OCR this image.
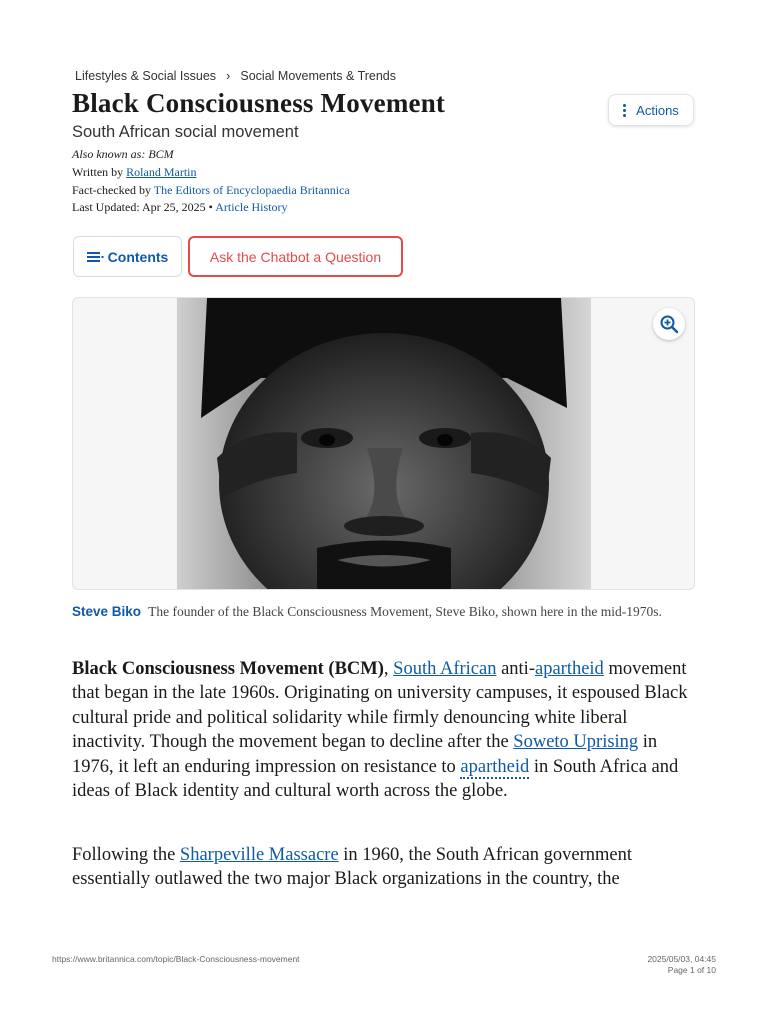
Lifestyles & Social Issues › Social Movements & Trends
Black Consciousness Movement
South African social movement
Also known as: BCM
Written by Roland Martin
Fact-checked by The Editors of Encyclopaedia Britannica
Last Updated: Apr 25, 2025 • Article History
Actions
Contents	Ask the Chatbot a Question
Steve Biko The founder of the Black Consciousness Movement, Steve Biko, shown here in the mid-1970s.

Black Consciousness Movement (BCM), South African anti-apartheid movement that began in the late 1960s. Originating on university campuses, it espoused Black cultural pride and political solidarity while firmly denouncing white liberal inactivity. Though the movement began to decline after the Soweto Uprising in 1976, it left an enduring impression on resistance to apartheid in South Africa and ideas of Black identity and cultural worth across the globe.

Following the Sharpeville Massacre in 1960, the South African government essentially outlawed the two major Black organizations in the country, the

https://www.britannica.com/topic/Black-Consciousness-movement	2025/05/03, 04:45
Page 1 of 10
